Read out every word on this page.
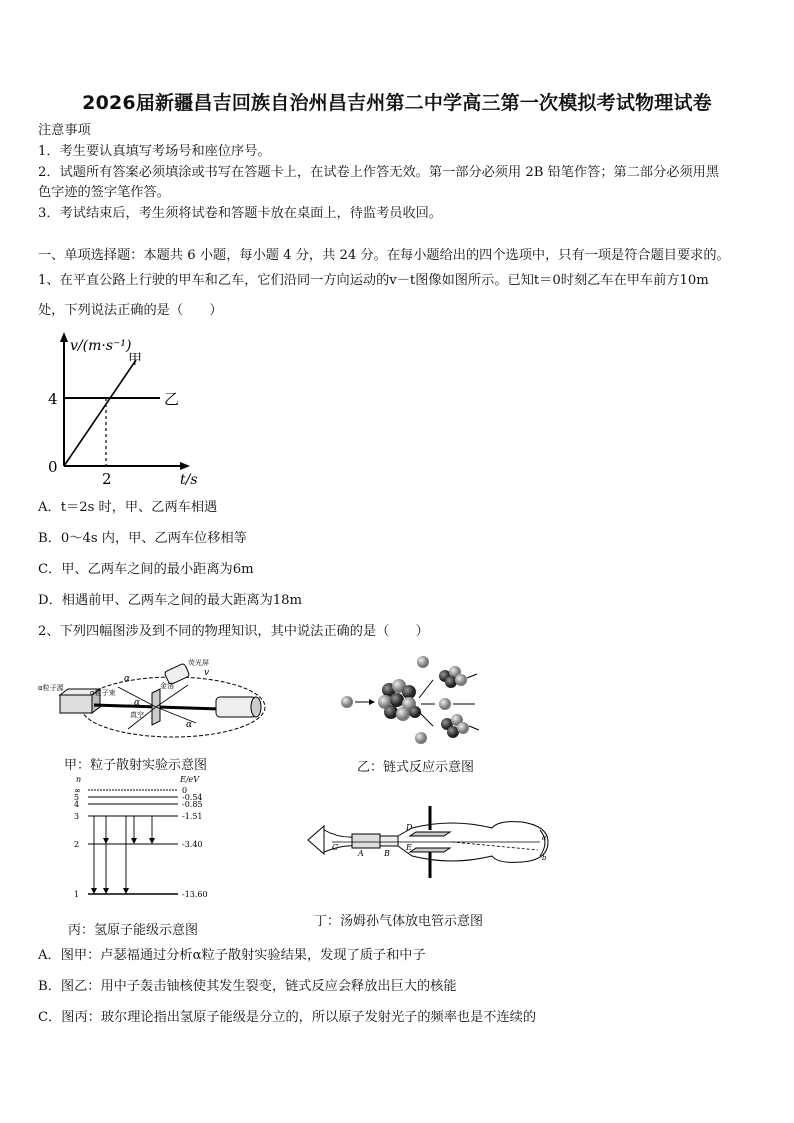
2026届新疆昌吉回族自治州昌吉州第二中学高三第一次模拟考试物理试卷
注意事项
1．考生要认真填写考场号和座位序号。
2．试题所有答案必须填涂或书写在答题卡上，在试卷上作答无效。第一部分必须用 2B 铅笔作答；第二部分必须用黑
色字迹的签字笔作答。
3．考试结束后，考生须将试卷和答题卡放在桌面上，待监考员收回。
一、单项选择题：本题共 6 小题，每小题 4 分，共 24 分。在每小题给出的四个选项中，只有一项是符合题目要求的。
1、在平直公路上行驶的甲车和乙车，它们沿同一方向运动的v－t图像如图所示。已知t＝0时刻乙车在甲车前方10m
处，下列说法正确的是（　　）
v/(m·s⁻¹)
t/s
0
4
2
甲
乙
A．t＝2s 时，甲、乙两车相遇
B．0～4s 内，甲、乙两车位移相等
C．甲、乙两车之间的最小距离为6m
D．相遇前甲、乙两车之间的最大距离为18m
2、下列四幅图涉及到不同的物理知识，其中说法正确的是（　　）
α粒子源
荧光屏
α粒子束
金箔
真空
α
α
α
v
甲：粒子散射实验示意图	乙：链式反应示意图
n	E/eV
∞
5
4
3
2
1
0
-0.54
-0.85
-1.51
-3.40
-13.60
丙：氢原子能级示意图
C
A	B
D
E
a
b
丁：汤姆孙气体放电管示意图
A．图甲：卢瑟福通过分析α粒子散射实验结果，发现了质子和中子
B．图乙：用中子轰击铀核使其发生裂变，链式反应会释放出巨大的核能
C．图丙：玻尔理论指出氢原子能级是分立的，所以原子发射光子的频率也是不连续的
